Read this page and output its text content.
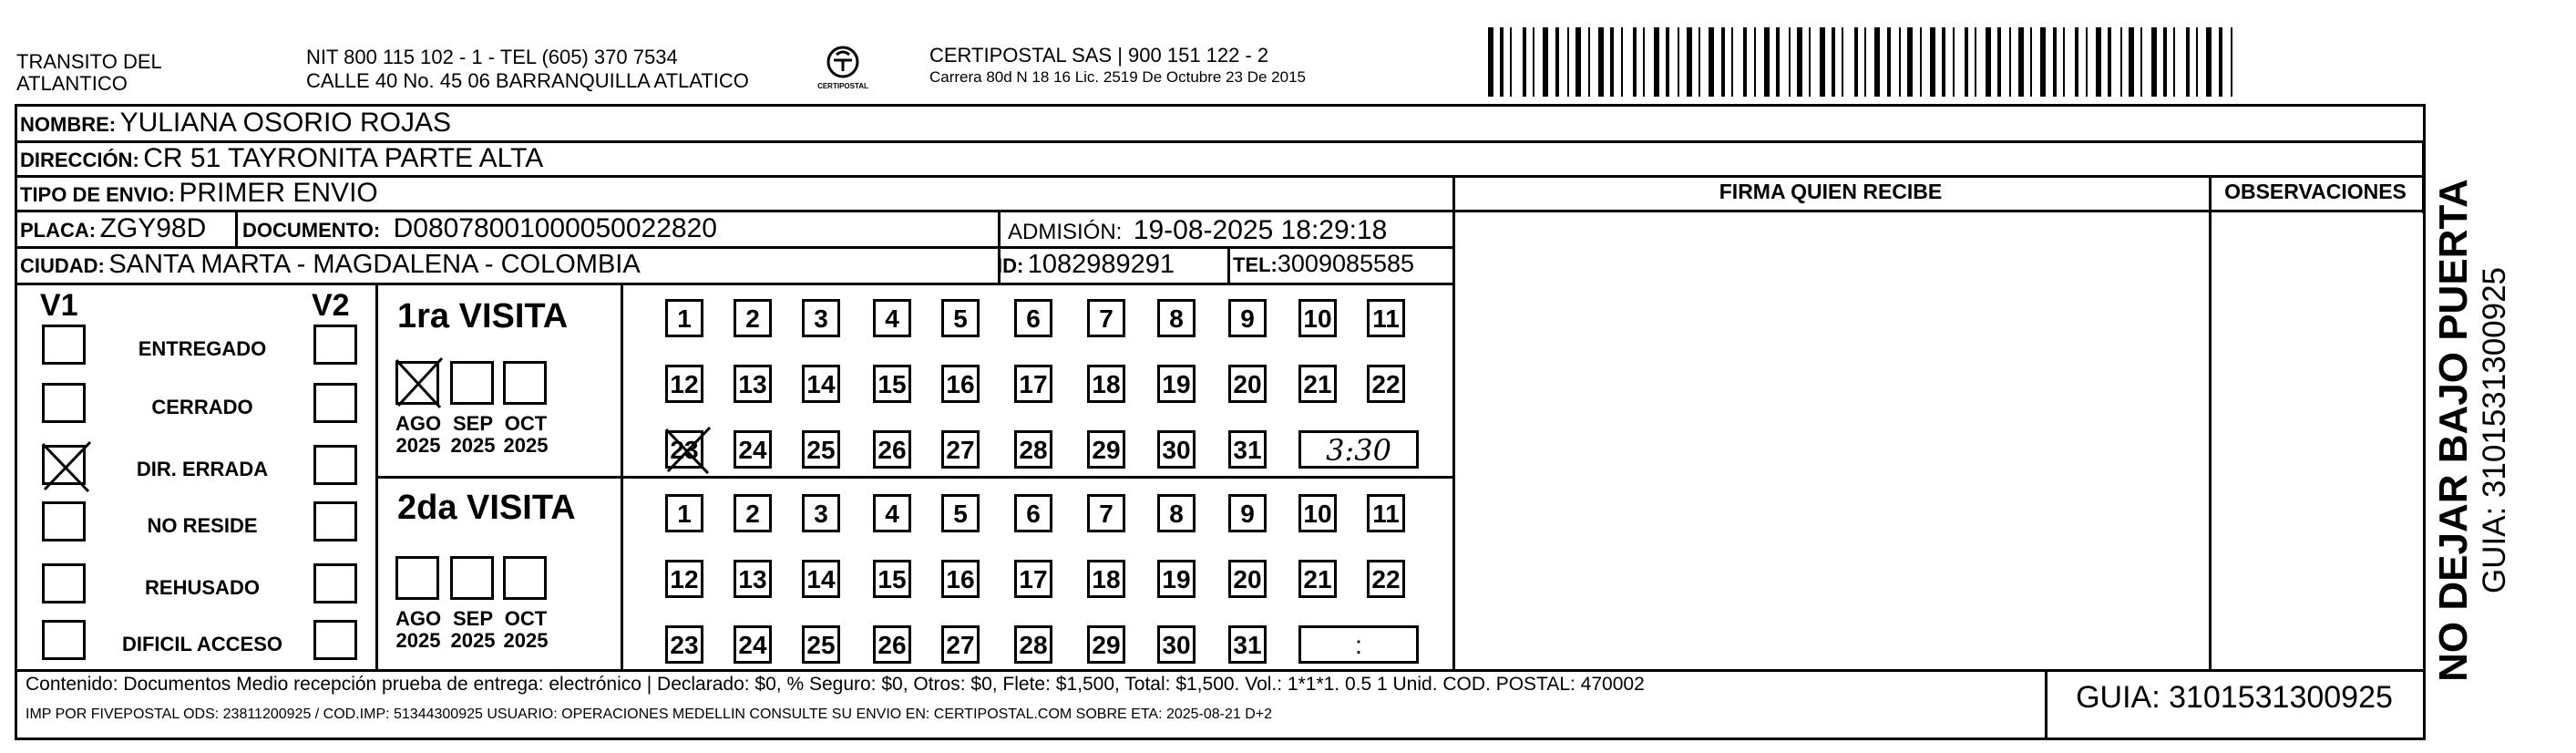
TRANSITO DEL
ATLANTICO
NIT 800 115 102 - 1 - TEL (605) 370 7534
CALLE 40 No. 45 06 BARRANQUILLA ATLATICO	CERTIPOSTAL
CERTIPOSTAL SAS | 900 151 122 - 2
Carrera 80d N 18 16 Lic. 2519 De Octubre 23 De 2015
NOMBRE: YULIANA OSORIO ROJAS
DIRECCIÓN: CR 51 TAYRONITA PARTE ALTA
TIPO DE ENVIO: PRIMER ENVIO	FIRMA QUIEN RECIBE	OBSERVACIONES
PLACA: ZGY98D DOCUMENTO: D08078001000050022820	ADMISIÓN: 19-08-2025 18:29:18
CIUDAD: SANTA MARTA - MAGDALENA - COLOMBIA	ID: 1082989291	TEL:3009085585
V1	V2 1ra VISITA
2da VISITA
Contenido: Documentos Medio recepción prueba de entrega: electrónico | Declarado: $0, % Seguro: $0, Otros: $0, Flete: $1,500, Total: $1,500. Vol.: 1*1*1. 0.5 1 Unid. COD. POSTAL: 470002
IMP POR FIVEPOSTAL ODS: 23811200925 / COD.IMP: 51344300925 USUARIO: OPERACIONES MEDELLIN CONSULTE SU ENVIO EN: CERTIPOSTAL.COM SOBRE ETA: 2025-08-21 D+2	GUIA: 3101531300925
NO DEJAR BAJO PUERTA GUIA: 3101531300925
ENTREGADO
CERRADO
DIR. ERRADA
NO RESIDE
REHUSADO
DIFICIL ACCESO
AGO
2025
SEP
2025
OCT
2025
AGO
2025
SEP
2025
OCT
2025
1	2	3	4	5	6	7	8	9	10 11
12 13 14 15 16 17 18 19 20 21 22
23 24 25 26 27 28 29 30 31	3:30
1	2	3	4	5	6	7	8	9	10 11
12 13 14 15 16 17 18 19 20 21 22
23 24 25 26 27 28 29 30 31	:
